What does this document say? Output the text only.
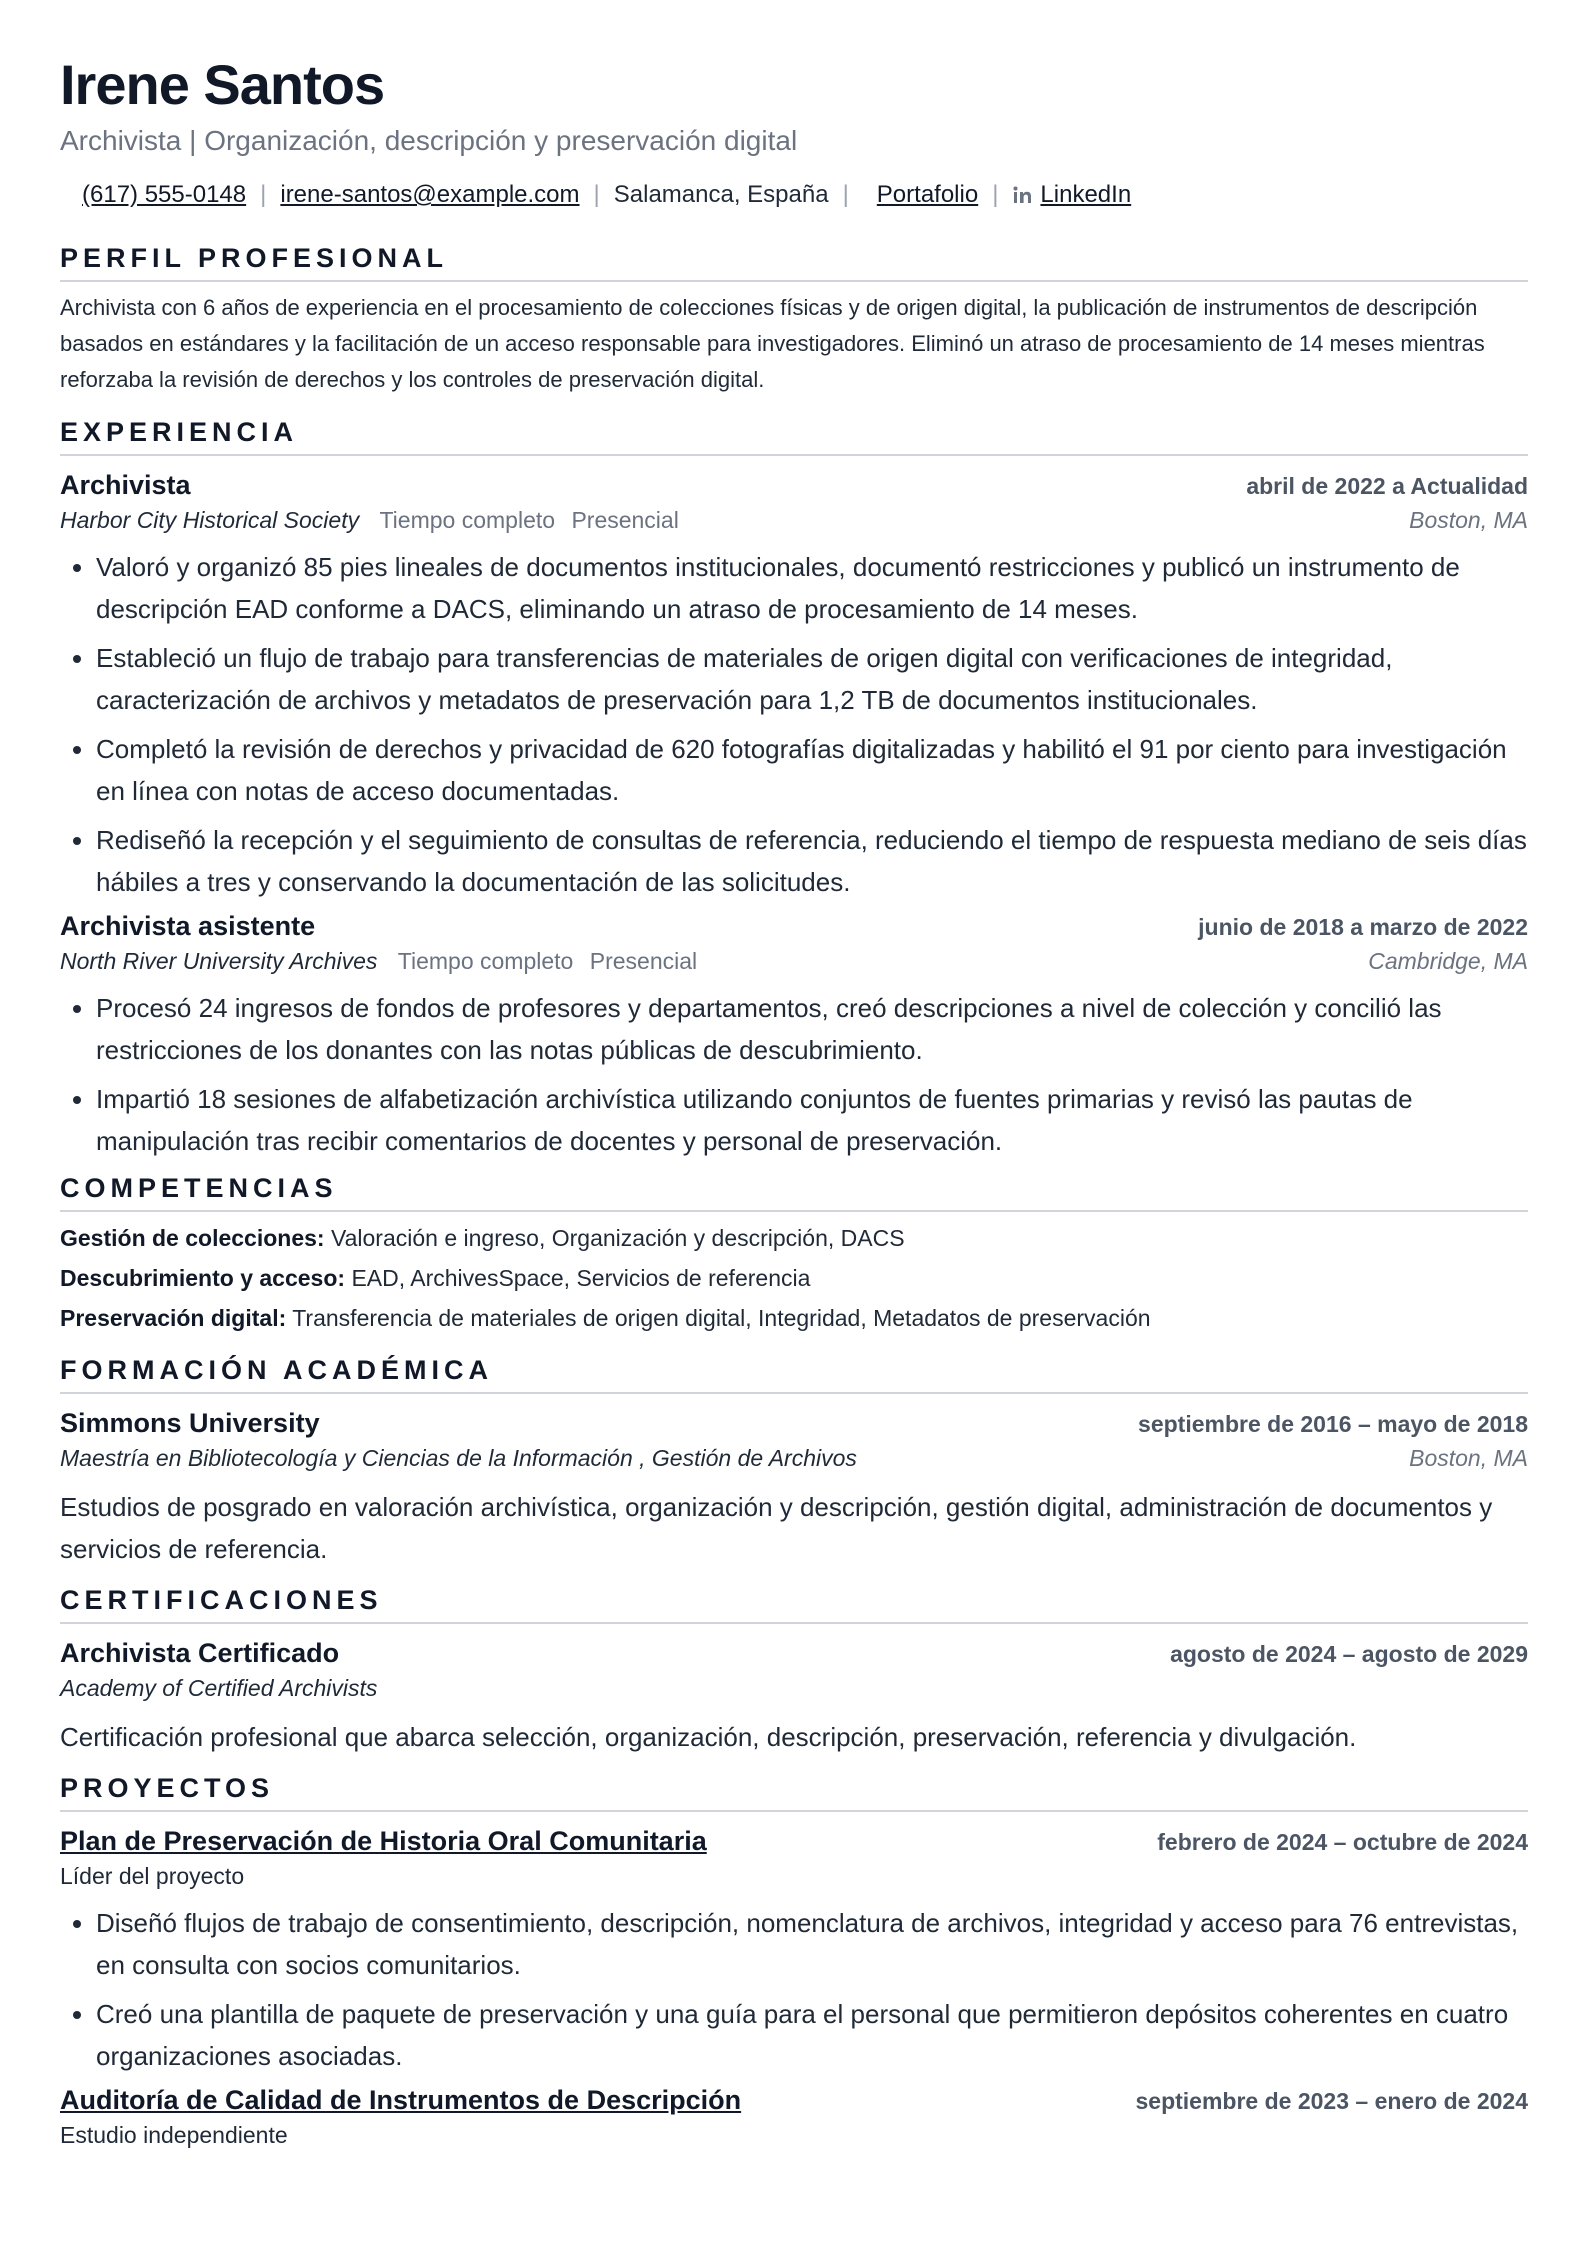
Irene Santos
Archivista | Organización, descripción y preservación digital
(617) 555-0148 | irene-santos@example.com | Salamanca, España | Portafolio | LinkedIn
PERFIL PROFESIONAL
Archivista con 6 años de experiencia en el procesamiento de colecciones físicas y de origen digital, la publicación de instrumentos de descripción basados en estándares y la facilitación de un acceso responsable para investigadores. Eliminó un atraso de procesamiento de 14 meses mientras reforzaba la revisión de derechos y los controles de preservación digital.
EXPERIENCIA
Archivista	abril de 2022 a Actualidad
Harbor City Historical Society Tiempo completo Presencial	Boston, MA
• Valoró y organizó 85 pies lineales de documentos institucionales, documentó restricciones y publicó un instrumento de descripción EAD conforme a DACS, eliminando un atraso de procesamiento de 14 meses.
• Estableció un flujo de trabajo para transferencias de materiales de origen digital con verificaciones de integridad, caracterización de archivos y metadatos de preservación para 1,2 TB de documentos institucionales.
• Completó la revisión de derechos y privacidad de 620 fotografías digitalizadas y habilitó el 91 por ciento para investigación en línea con notas de acceso documentadas.
• Rediseñó la recepción y el seguimiento de consultas de referencia, reduciendo el tiempo de respuesta mediano de seis días hábiles a tres y conservando la documentación de las solicitudes.
Archivista asistente	junio de 2018 a marzo de 2022
North River University Archives Tiempo completo Presencial	Cambridge, MA
• Procesó 24 ingresos de fondos de profesores y departamentos, creó descripciones a nivel de colección y concilió las restricciones de los donantes con las notas públicas de descubrimiento.
• Impartió 18 sesiones de alfabetización archivística utilizando conjuntos de fuentes primarias y revisó las pautas de manipulación tras recibir comentarios de docentes y personal de preservación.
COMPETENCIAS
Gestión de colecciones: Valoración e ingreso, Organización y descripción, DACS
Descubrimiento y acceso: EAD, ArchivesSpace, Servicios de referencia
Preservación digital: Transferencia de materiales de origen digital, Integridad, Metadatos de preservación
FORMACIÓN ACADÉMICA
Simmons University	septiembre de 2016 – mayo de 2018
Maestría en Bibliotecología y Ciencias de la Información , Gestión de Archivos	Boston, MA
Estudios de posgrado en valoración archivística, organización y descripción, gestión digital, administración de documentos y servicios de referencia.
CERTIFICACIONES
Archivista Certificado	agosto de 2024 – agosto de 2029
Academy of Certified Archivists
Certificación profesional que abarca selección, organización, descripción, preservación, referencia y divulgación.
PROYECTOS
Plan de Preservación de Historia Oral Comunitaria	febrero de 2024 – octubre de 2024
Líder del proyecto
• Diseñó flujos de trabajo de consentimiento, descripción, nomenclatura de archivos, integridad y acceso para 76 entrevistas, en consulta con socios comunitarios.
• Creó una plantilla de paquete de preservación y una guía para el personal que permitieron depósitos coherentes en cuatro organizaciones asociadas.
Auditoría de Calidad de Instrumentos de Descripción	septiembre de 2023 – enero de 2024
Estudio independiente
